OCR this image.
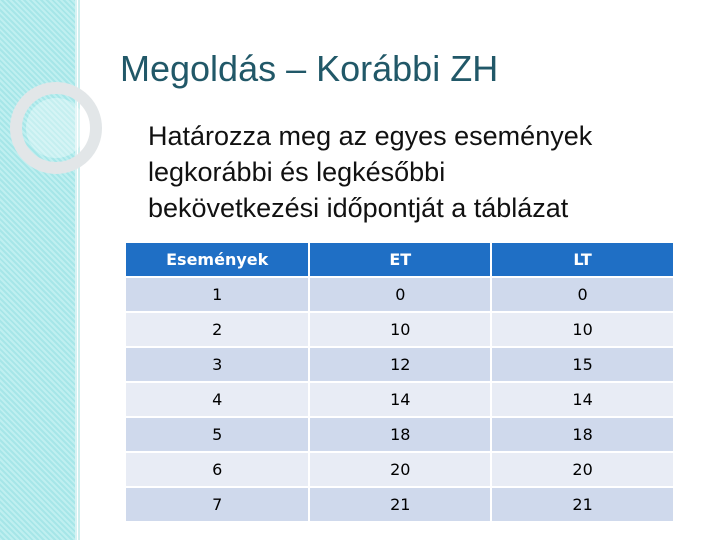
Megoldás – Korábbi ZH
Határozza meg az egyes események
legkorábbi és legkésőbbi
bekövetkezési időpontját a táblázat
Események	ET	LT
1	0	0
2	10	10
3	12	15
4	14	14
5	18	18
6	20	20
7	21	21
